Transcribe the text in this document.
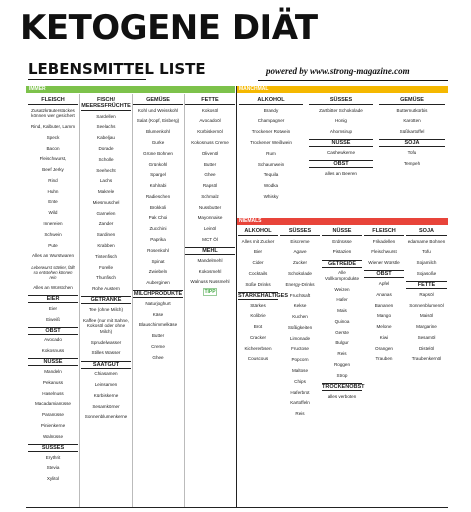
KETOGENE DIÄT
LEBENSMITTEL LISTE	powered by www.strong-magazine.com
IMMER	MANCHMAL
NIEMALS
FLEISCH
Zusatzkräuterstückes können wer gesichert
Rind, Kalbuter, Lamm
Speck
Bacon
Fleischwurst,
Beef Jerky
Rind
Huhn
Ente
Wild
Innereien
Schwein
Pute
Alles an Wurstwaren
Leberwurst stärker, fällt so entstehen können rein
Alles an Würstchen
EIER
Eier
Eiweiß
OBST
Avocado
Kokosnuss
NÜSSE
Mandeln
Pekanuss
Haselnuss
Macadamianüsse
Paranüsse
Pinienkerne
Walnüsse
SÜSSES
Erythrit
Stevia
Xylitol
FISCH/ MEERESFRÜCHTE
Sardellen
Seelachs
Kabeljau
Dorade
Scholle
Seehecht
Lachs
Makrele
Miesmuschel
Garnelen
Zander
Sardinen
Krabben
Tintenfisch
Forelle
Thunfisch
Rohe Austern
GETRÄNKE
Tee (ohne Milch)
Kaffee (nur mit Sahne, Kokosöl oder ohne Milch)
Sprudelwasser
Stilles Wasser
SAATGUT
Chiasamen
Leinsamen
Kürbiskerne
Sesamkörner
Sonnenblumenkerne
GEMÜSE
Kohl und Weisskohl
Salat (Kopf, Eisberg)
Blumenkohl
Gurke
Grüne Bohnen
Grünkohl
Spargel
Kohlrabi
Radieschen
Brokkoli
Pak Choi
Zucchini
Paprika
Rosenkohl
Spinat
Zwiebeln
Auberginen
MILCHPRODUKTE
Naturjoghurt
Käse
Blauschimmelkäse
Butter
Creme
Ghee
FETTE
Kokosöl
Avocadoöl
Kürbiskernöl
Kokosnuss Creme
Olivenöl
Butter
Ghee
Rapsöl
Schmalz
Nussbutter
Mayonnaise
Leinöl
MCT Öl
MEHL
Mandelmehl
Kokosmehl
Walnuss Nussmehl
TIPP
ALKOHOL
Brandy
Champagner
Trockener Rotwein
Trockener Weißwein
Rum
Schaumwein
Tequila
Wodka
Whisky
SÜSSES
Zartbitter Schokolade
Honig
Ahornsirup
NÜSSE
Cashewkerne
OBST
alles an Beeren
GEMÜSE
Butternutkürbis
Karotten
Süßkartoffel
SOJA
Tofu
Tempeh
ALKOHOL
Alles mit Zucker
Bier
Cider
Cocktails
Süße Drinks
STÄRKEHALTIGES
Stärkes
Kolibrie
Brot
Cracker
Kichererbsen
Couscous
SÜSSES
Eiscreme
Agave
Zucker
Schokolade
Energy-Drinks
Fruchtsaft
Kekse
Kuchen
Süßigkeiten
Limonade
Fructose
Popcorn
Maltose
Chips
Haferbrot
Kartoffeln
Reis
NÜSSE
Erdnüsse
Pistazien
GETREIDE
Alle Vollkornprodukte
Weizen
Hafer
Mais
Quinoa
Gerste
Bulgur
Reis
Roggen
Strop
TROCKENOBST
alles verboten
FLEISCH
Frikadellen
Fleischwurst
Wiener Würstle
OBST
Apfel
Ananas
Bananen
Mango
Melone
Kiwi
Orangen
Trauben
SOJA
edamame Bohnen
Tofu
Sojamilch
Sojasoße
FETTE
Rapsöl
Sonnenblumenöl
Maisöl
Margarine
Sesamöl
Distelöl
Traubenkernöl
